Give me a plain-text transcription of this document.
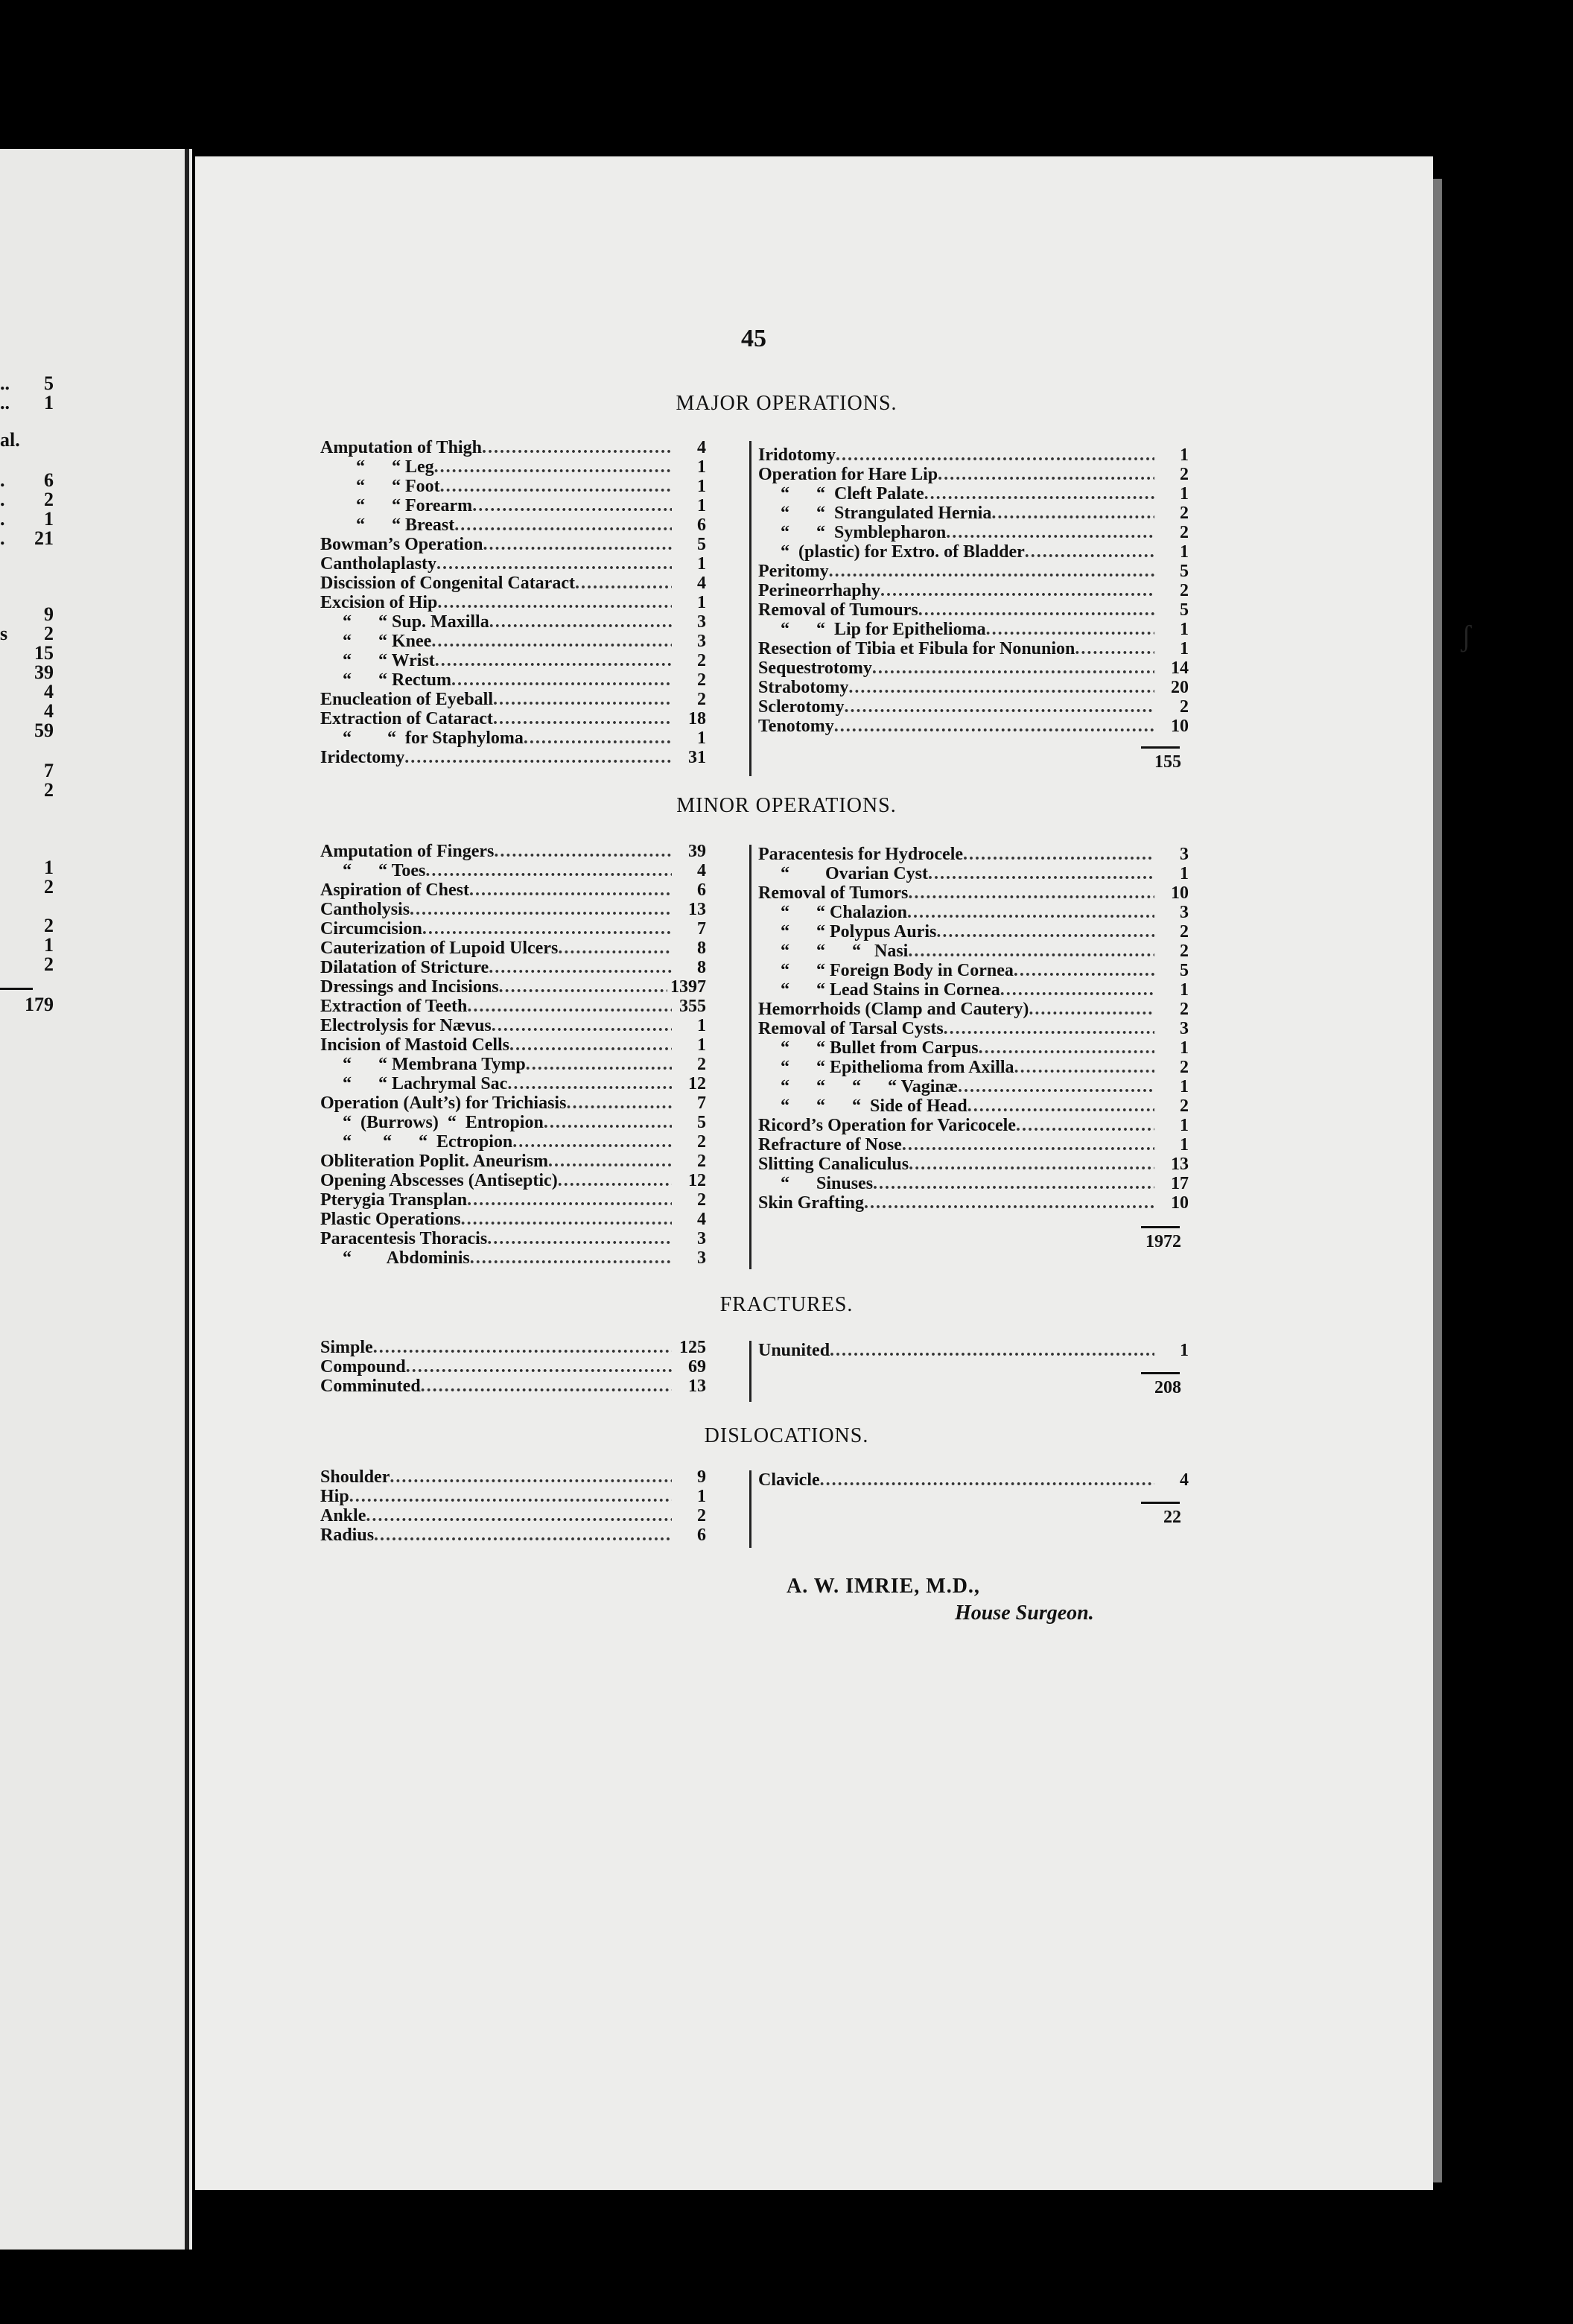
.. 5
.. 1
al.
. 6
. 2
. 1
. 21
9
s 2
15
39
4
4
59
7
2
1
2
2
1
2
179
45
MAJOR OPERATIONS.
Amputation of Thigh . . .	4
“      “ Leg . . .	1
“      “ Foot . . .	1
“      “ Forearm . . .	1
“      “ Breast . . .	6
Bowman’s Operation . . .	5
Cantholaplasty . . .	1
Discission of Congenital Cataract . . .	4
Excision of Hip . . .	1
“      “ Sup. Maxilla . . .	3
“      “ Knee . . .	3
“      “ Wrist . . .	2
“      “ Rectum . . .	2
Enucleation of Eyeball . . .	2
Extraction of Cataract . . .	18
“        “  for Staphyloma . . .	1
Iridectomy . . .	31
Iridotomy . . .	1
Operation for Hare Lip . . .	2
“      “  Cleft Palate . . .	1
“      “  Strangulated Hernia . . .	2
“      “  Symblepharon . . .	2
“  (plastic) for Extro. of Bladder . . .	1
Peritomy . . .	5
Perineorrhaphy . . .	2
Removal of Tumours . . .	5
“      “  Lip for Epithelioma . . .	1
Resection of Tibia et Fibula for Nonunion . . .	1
Sequestrotomy . . .	14
Strabotomy . . .	20
Sclerotomy . . .	2
Tenotomy . . .	10
155
MINOR OPERATIONS.
Amputation of Fingers . . .	39
“      “ Toes . . .	4
Aspiration of Chest . . .	6
Cantholysis . . .	13
Circumcision . . .	7
Cauterization of Lupoid Ulcers . . .	8
Dilatation of Stricture . . .	8
Dressings and Incisions . . .	1397
Extraction of Teeth . . .	355
Electrolysis for Nævus . . .	1
Incision of Mastoid Cells . . .	1
“      “ Membrana Tymp . . .	2
“      “ Lachrymal Sac . . .	12
Operation (Ault’s) for Trichiasis . . .	7
“  (Burrows)  “  Entropion . . .	5
“       “      “  Ectropion . . .	2
Obliteration Poplit. Aneurism . . .	2
Opening Abscesses (Antiseptic) . . .	12
Pterygia Transplan . . .	2
Plastic Operations . . .	4
Paracentesis Thoracis . . .	3
“        Abdominis . . .	3
Paracentesis for Hydrocele . . .	3
“        Ovarian Cyst . . .	1
Removal of Tumors . . .	10
“      “ Chalazion . . .	3
“      “ Polypus Auris . . .	2
“      “      “   Nasi . . .	2
“      “ Foreign Body in Cornea . . .	5
“      “ Lead Stains in Cornea . . .	1
Hemorrhoids (Clamp and Cautery) . . .	2
Removal of Tarsal Cysts . . .	3
“      “ Bullet from Carpus . . .	1
“      “ Epithelioma from Axilla . . .	2
“      “      “      “ Vaginæ . . .	1
“      “      “  Side of Head . . .	2
Ricord’s Operation for Varicocele . . .	1
Refracture of Nose . . .	1
Slitting Canaliculus . . .	13
“      Sinuses . . .	17
Skin Grafting . . .	10
1972
FRACTURES.
Simple . . .	125
Compound . . .	69
Comminuted . . .	13
Ununited . . .	1
208
DISLOCATIONS.
Shoulder . . .	9
Hip . . .	1
Ankle . . .	2
Radius . . .	6
Clavicle . . .	4
22
A. W. IMRIE, M.D.,
House Surgeon.
ʃ
